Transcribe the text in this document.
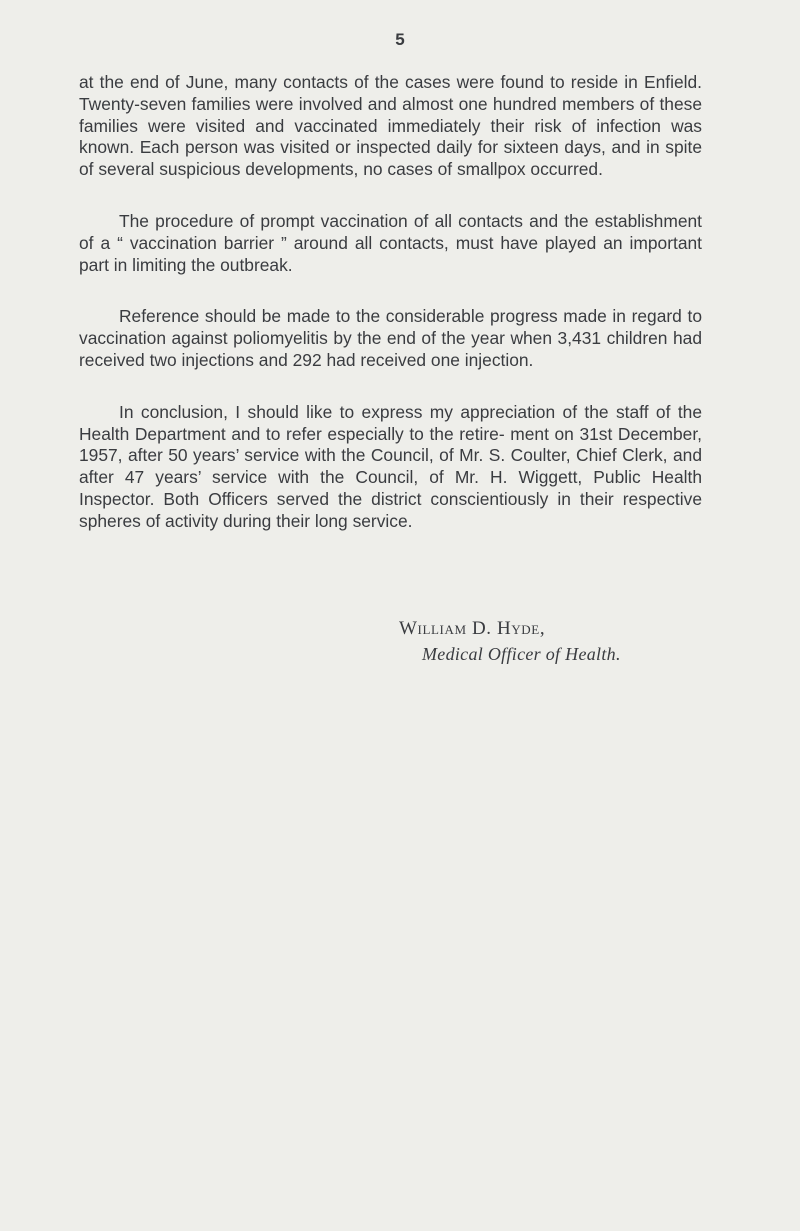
5

at the end of June, many contacts of the cases were found to reside in Enfield. Twenty-seven families were involved and almost one hundred members of these families were visited and vaccinated immediately their risk of infection was known. Each person was visited or inspected daily for sixteen days, and in spite of several suspicious developments, no cases of smallpox occurred.

The procedure of prompt vaccination of all contacts and the establishment of a “ vaccination barrier ” around all contacts, must have played an important part in limiting the outbreak.

Reference should be made to the considerable progress made in regard to vaccination against poliomyelitis by the end of the year when 3,431 children had received two injections and 292 had received one injection.

In conclusion, I should like to express my appreciation of the staff of the Health Department and to refer especially to the retire- ment on 31st December, 1957, after 50 years’ service with the Council, of Mr. S. Coulter, Chief Clerk, and after 47 years’ service with the Council, of Mr. H. Wiggett, Public Health Inspector. Both Officers served the district conscientiously in their respective spheres of activity during their long service.

William D. Hyde,
Medical Officer of Health.
